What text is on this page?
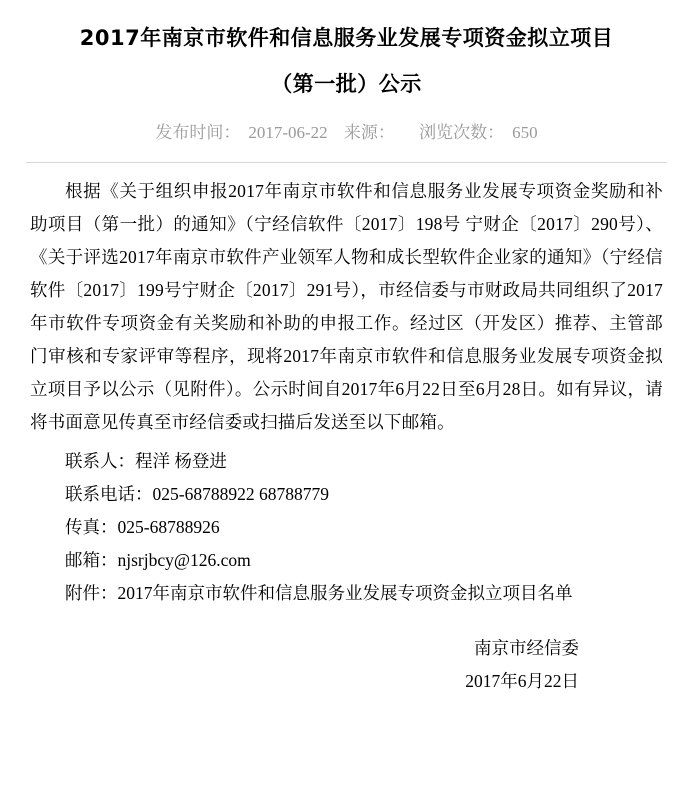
2017年南京市软件和信息服务业发展专项资金拟立项目
（第一批）公示
发布时间： 2017-06-22 来源： 浏览次数： 650
根据《关于组织申报2017年南京市软件和信息服务业发展专项资金奖励和补助项目（第一批）的通知》（宁经信软件〔2017〕198号 宁财企〔2017〕290号）、《关于评选2017年南京市软件产业领军人物和成长型软件企业家的通知》（宁经信软件〔2017〕199号宁财企〔2017〕291号），市经信委与市财政局共同组织了2017年市软件专项资金有关奖励和补助的申报工作。经过区（开发区）推荐、主管部门审核和专家评审等程序，现将2017年南京市软件和信息服务业发展专项资金拟立项目予以公示（见附件）。公示时间自2017年6月22日至6月28日。如有异议，请将书面意见传真至市经信委或扫描后发送至以下邮箱。
联系人：程洋 杨登进
联系电话：025-68788922 68788779
传真：025-68788926
邮箱：njsrjbcy@126.com
附件：2017年南京市软件和信息服务业发展专项资金拟立项目名单
南京市经信委
2017年6月22日
